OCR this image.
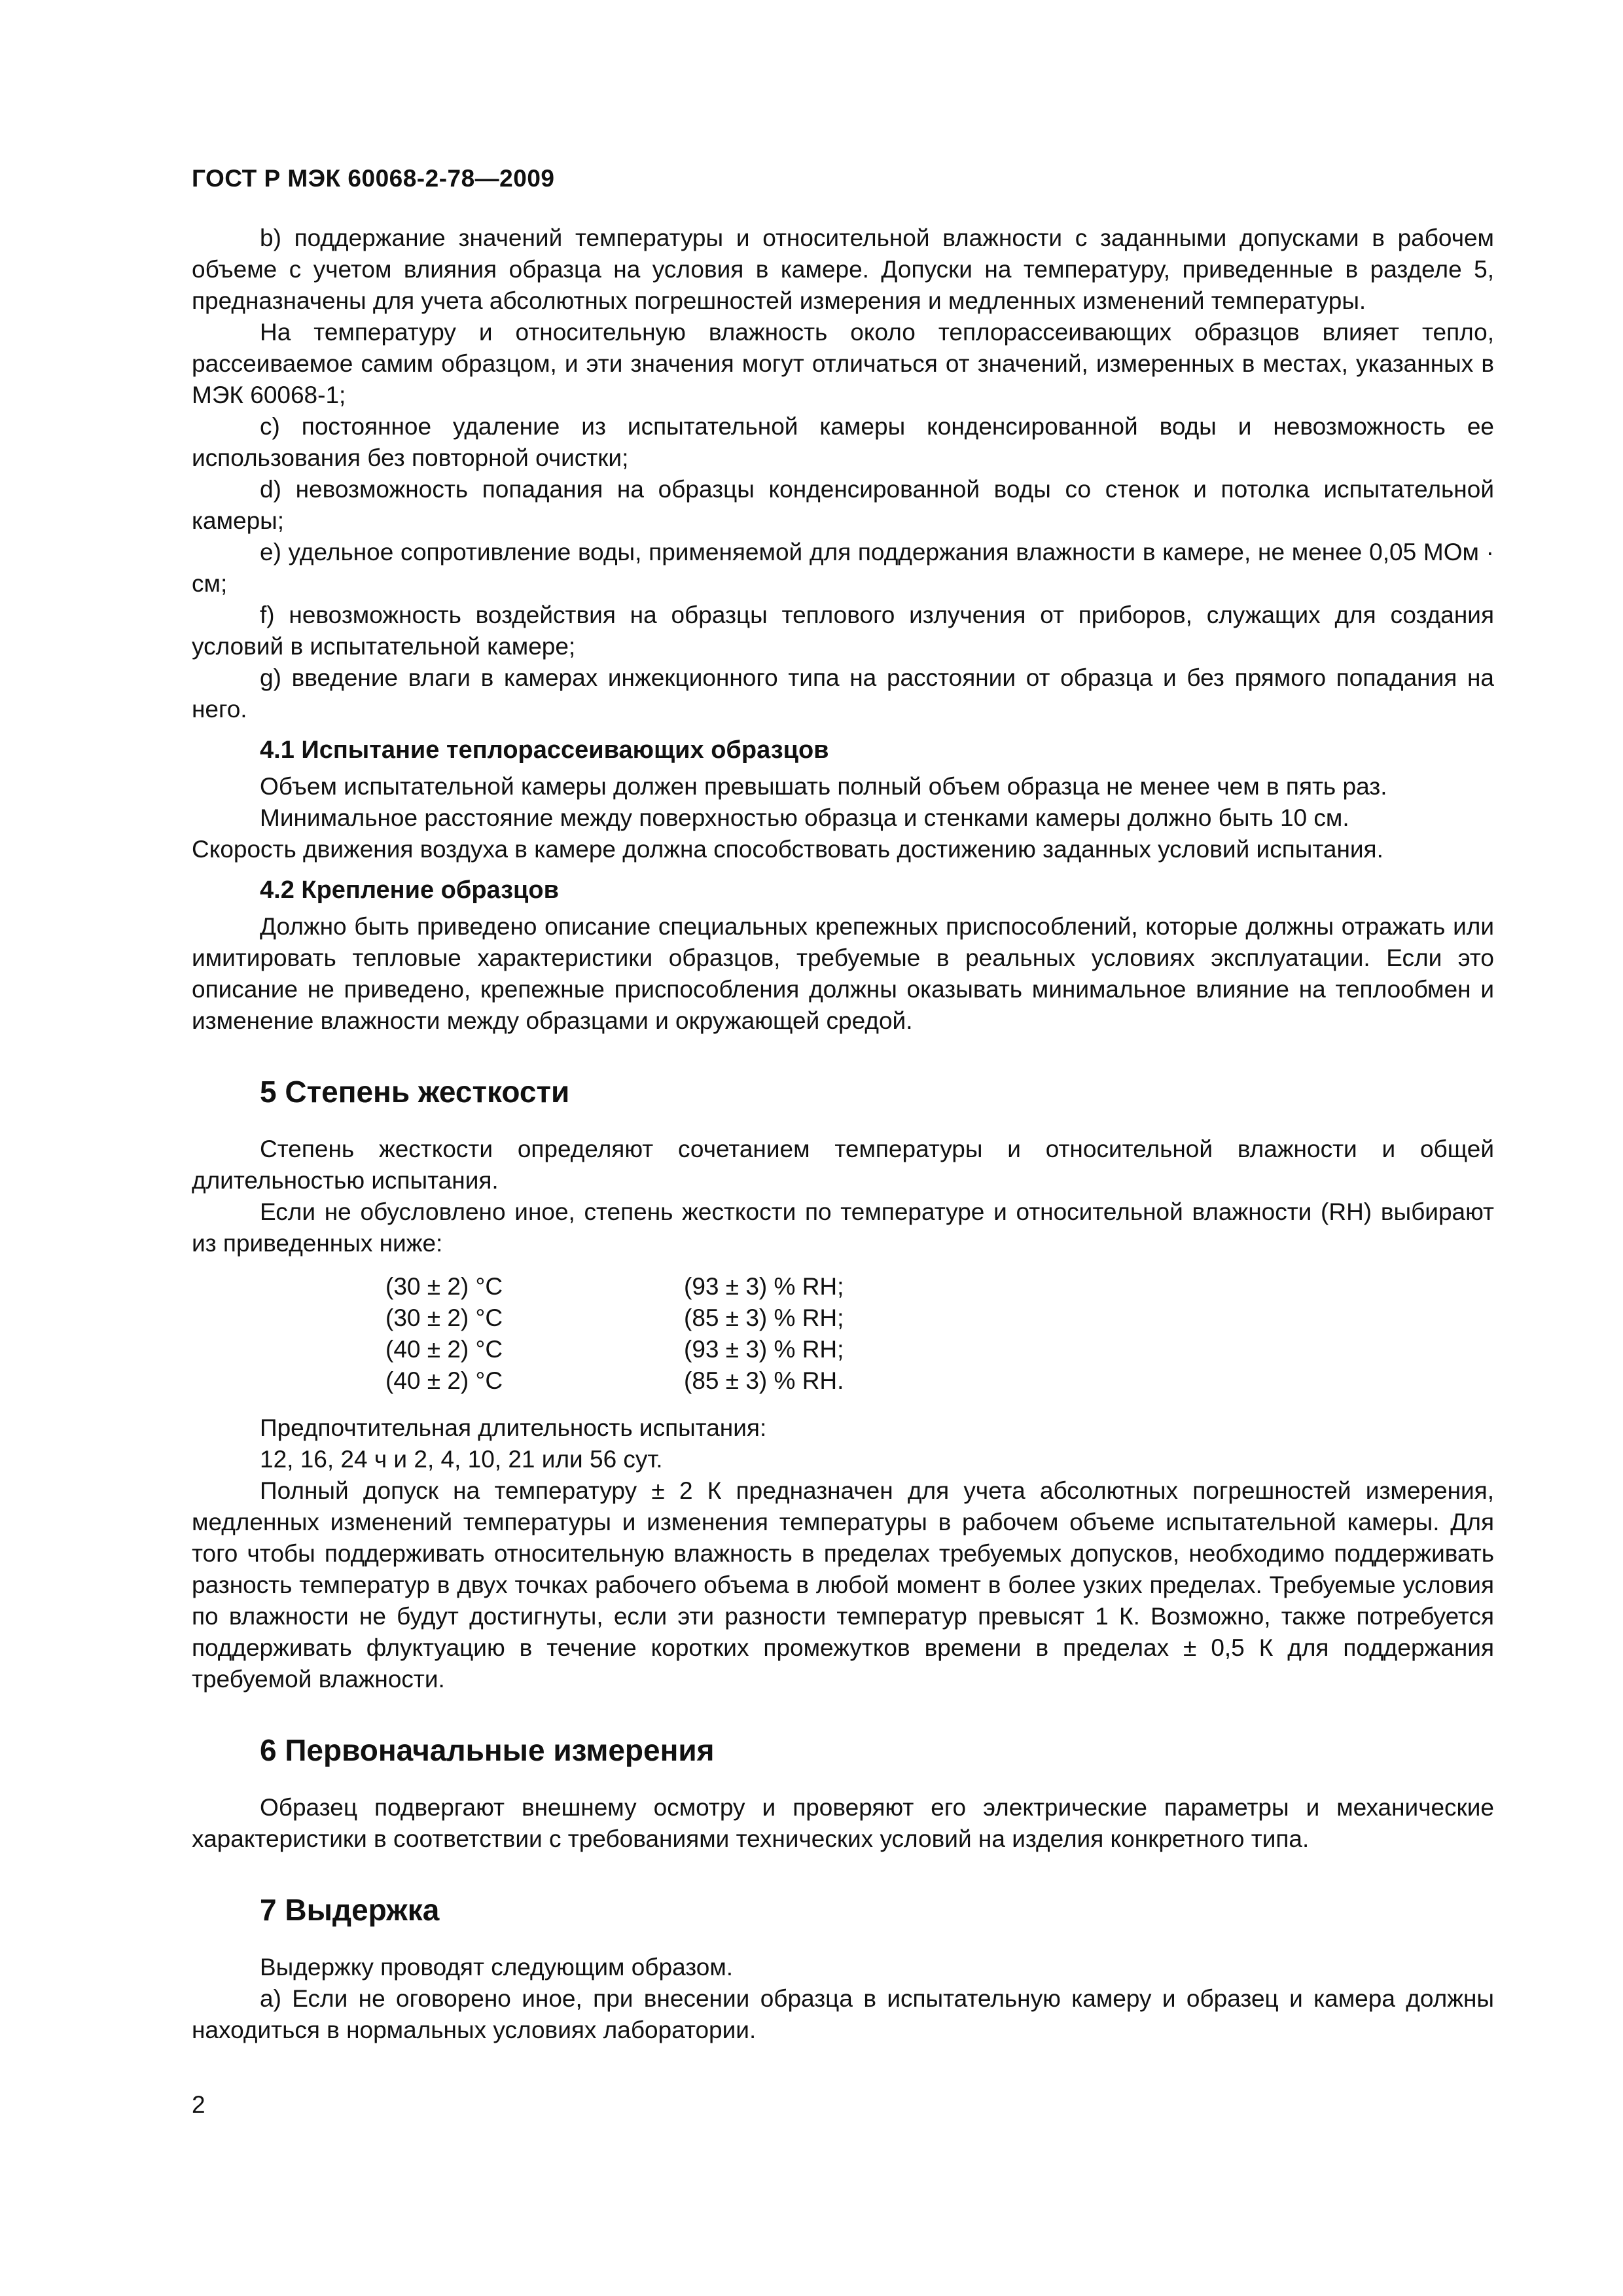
ГОСТ Р МЭК 60068-2-78—2009

b) поддержание значений температуры и относительной влажности с заданными допусками в рабочем объеме с учетом влияния образца на условия в камере. Допуски на температуру, приведенные в разделе 5, предназначены для учета абсолютных погрешностей измерения и медленных изменений температуры.

На температуру и относительную влажность около теплорассеивающих образцов влияет тепло, рассеиваемое самим образцом, и эти значения могут отличаться от значений, измеренных в местах, указанных в МЭК 60068-1;

c) постоянное удаление из испытательной камеры конденсированной воды и невозможность ее использования без повторной очистки;

d) невозможность попадания на образцы конденсированной воды со стенок и потолка испытательной камеры;

e) удельное сопротивление воды, применяемой для поддержания влажности в камере, не менее 0,05 МОм · см;

f) невозможность воздействия на образцы теплового излучения от приборов, служащих для создания условий в испытательной камере;

g) введение влаги в камерах инжекционного типа на расстоянии от образца и без прямого попадания на него.

4.1 Испытание теплорассеивающих образцов

Объем испытательной камеры должен превышать полный объем образца не менее чем в пять раз.

Минимальное расстояние между поверхностью образца и стенками камеры должно быть 10 см.

Скорость движения воздуха в камере должна способствовать достижению заданных условий испытания.

4.2 Крепление образцов

Должно быть приведено описание специальных крепежных приспособлений, которые должны отражать или имитировать тепловые характеристики образцов, требуемые в реальных условиях эксплуатации. Если это описание не приведено, крепежные приспособления должны оказывать минимальное влияние на теплообмен и изменение влажности между образцами и окружающей средой.

5 Степень жесткости

Степень жесткости определяют сочетанием температуры и относительной влажности и общей длительностью испытания.

Если не обусловлено иное, степень жесткости по температуре и относительной влажности (RH) выбирают из приведенных ниже:

(30 ± 2) °C	(93 ± 3) % RH;
(30 ± 2) °C	(85 ± 3) % RH;
(40 ± 2) °C	(93 ± 3) % RH;
(40 ± 2) °C	(85 ± 3) % RH.

Предпочтительная длительность испытания:

12, 16, 24 ч и 2, 4, 10, 21 или 56 сут.

Полный допуск на температуру ± 2 К предназначен для учета абсолютных погрешностей измерения, медленных изменений температуры и изменения температуры в рабочем объеме испытательной камеры. Для того чтобы поддерживать относительную влажность в пределах требуемых допусков, необходимо поддерживать разность температур в двух точках рабочего объема в любой момент в более узких пределах. Требуемые условия по влажности не будут достигнуты, если эти разности температур превысят 1 К. Возможно, также потребуется поддерживать флуктуацию в течение коротких промежутков времени в пределах ± 0,5 К для поддержания требуемой влажности.

6 Первоначальные измерения

Образец подвергают внешнему осмотру и проверяют его электрические параметры и механические характеристики в соответствии с требованиями технических условий на изделия конкретного типа.

7 Выдержка

Выдержку проводят следующим образом.

a) Если не оговорено иное, при внесении образца в испытательную камеру и образец и камера должны находиться в нормальных условиях лаборатории.

2
